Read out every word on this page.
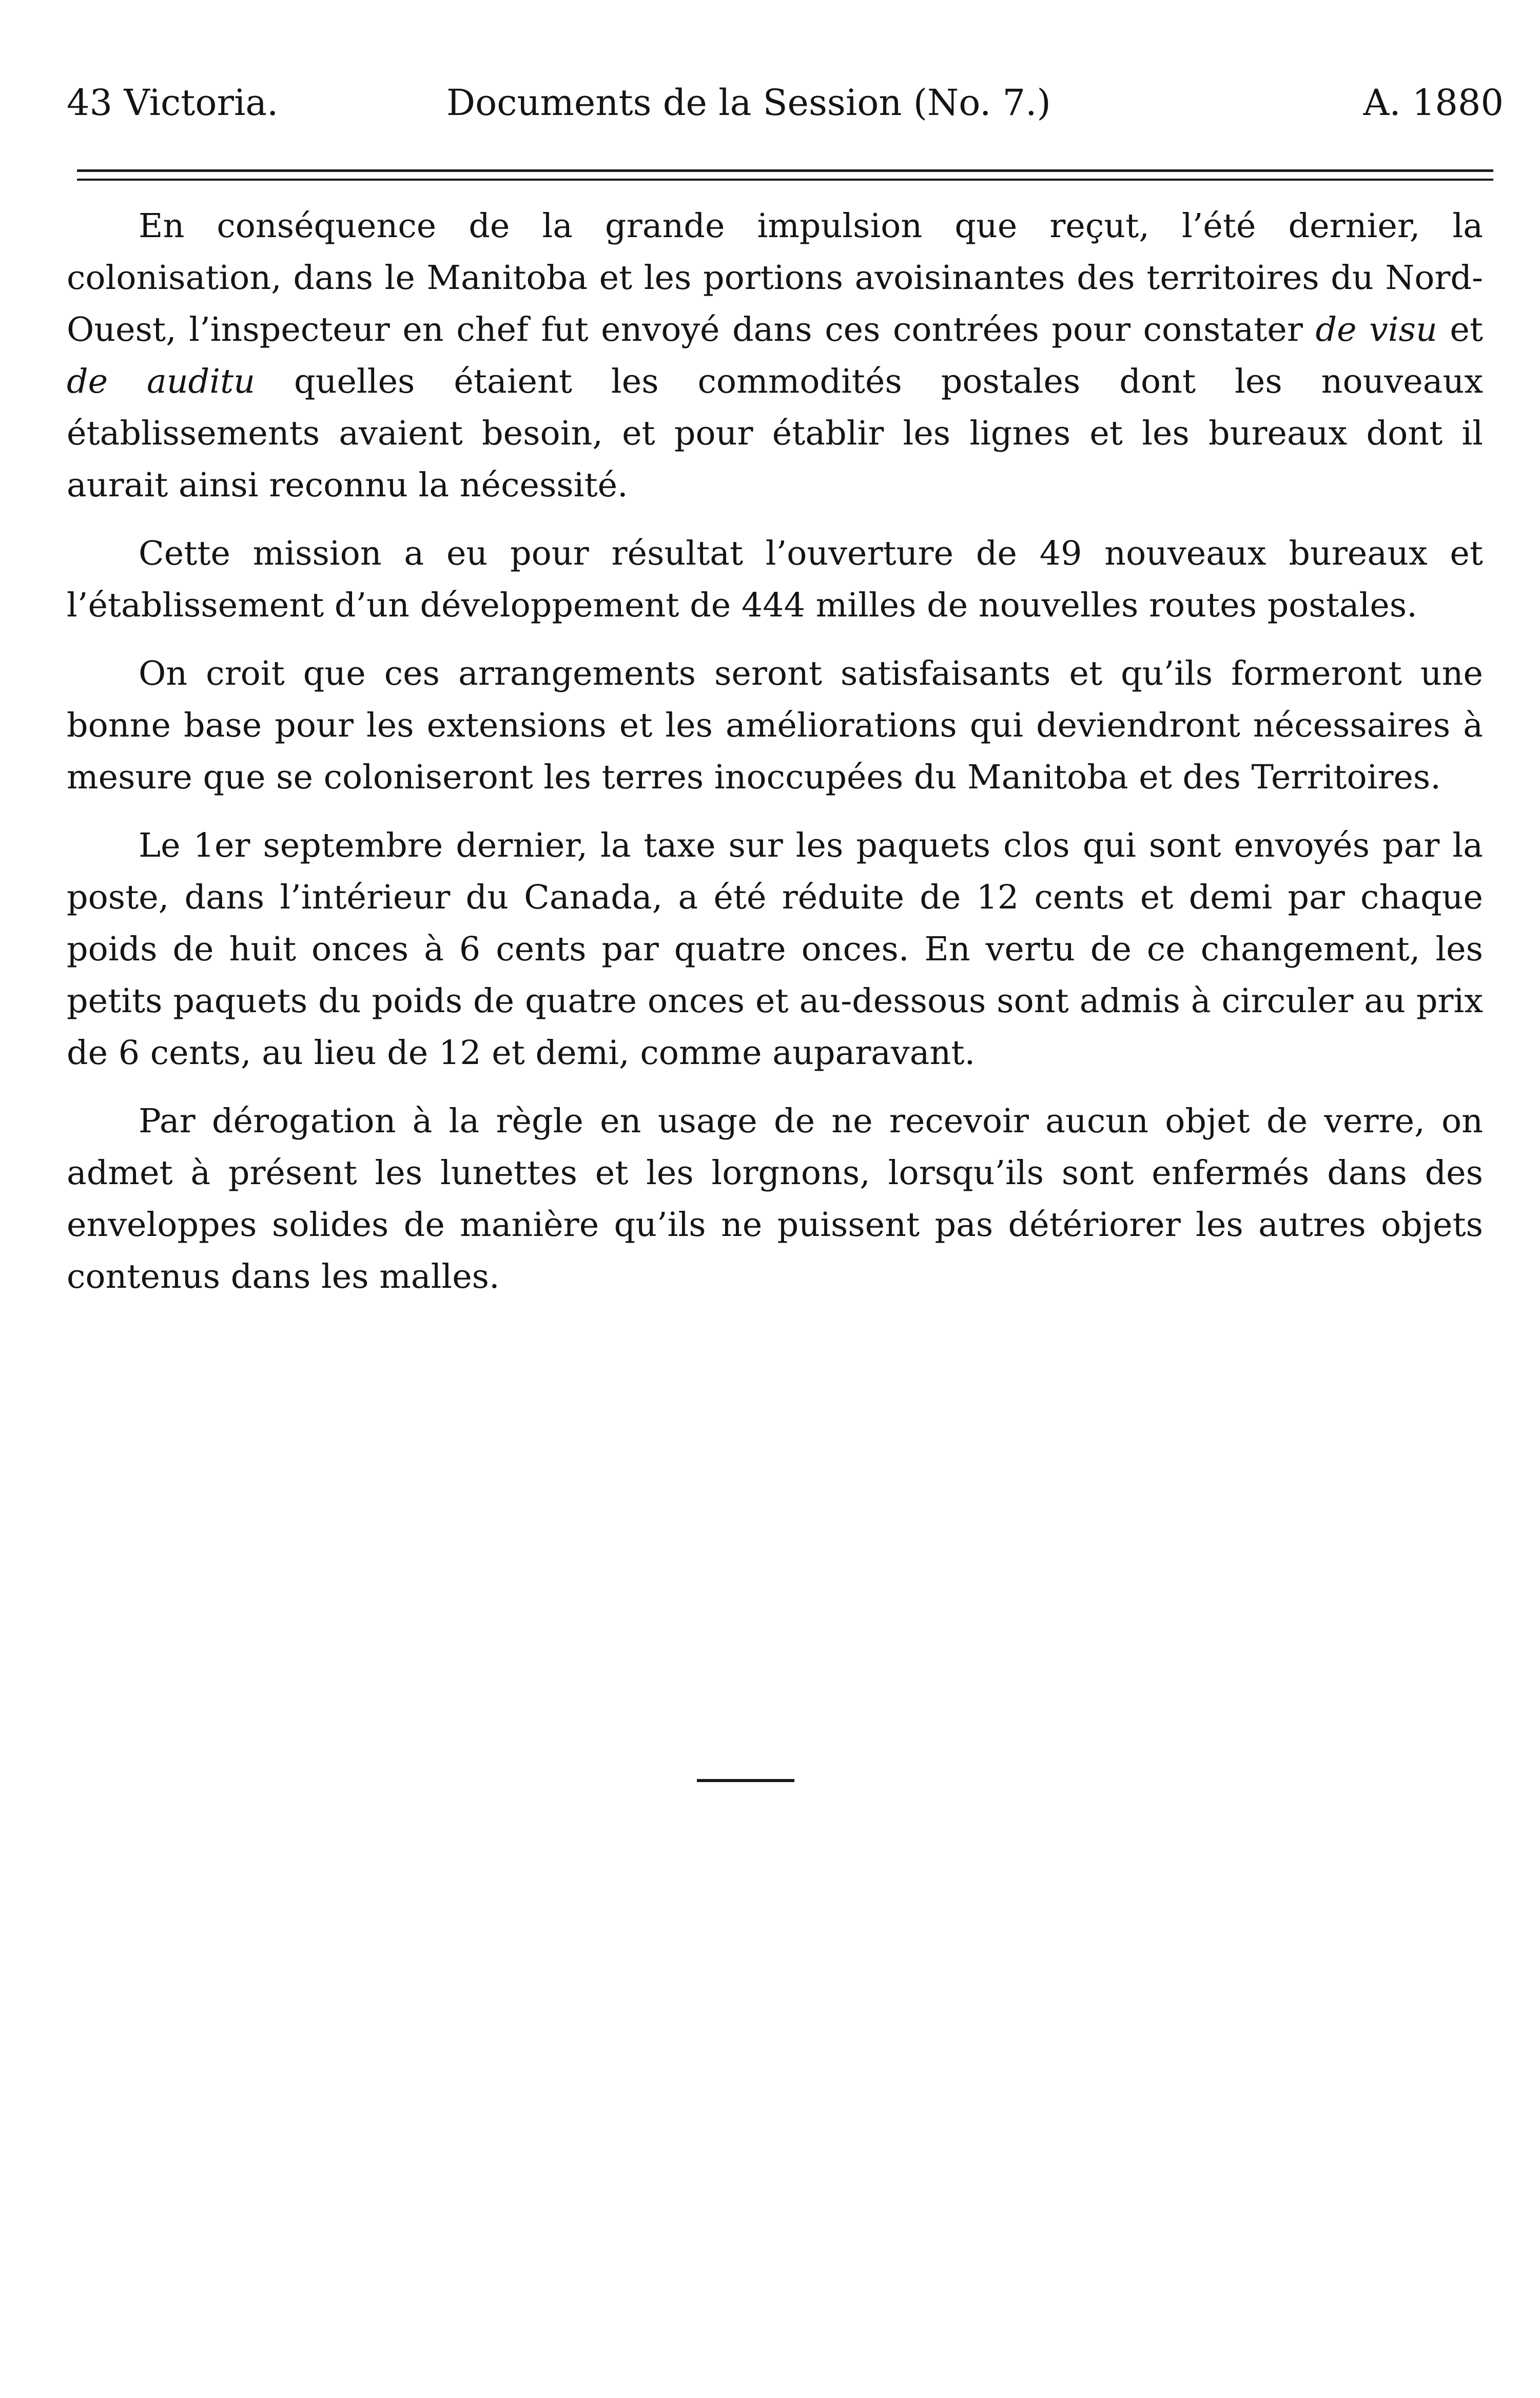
43 Victoria.	Documents de la Session (No. 7.)	A. 1880

En conséquence de la grande impulsion que reçut, l’été dernier, la colonisation, dans le Manitoba et les portions avoisinantes des territoires du Nord-Ouest, l’inspecteur en chef fut envoyé dans ces contrées pour constater de visu et de auditu quelles étaient les commodités postales dont les nouveaux établissements avaient besoin, et pour établir les lignes et les bureaux dont il aurait ainsi reconnu la nécessité.

Cette mission a eu pour résultat l’ouverture de 49 nouveaux bureaux et l’établissement d’un développement de 444 milles de nouvelles routes postales.

On croit que ces arrangements seront satisfaisants et qu’ils formeront une bonne base pour les extensions et les améliorations qui deviendront nécessaires à mesure que se coloniseront les terres inoccupées du Manitoba et des Territoires.

Le 1er septembre dernier, la taxe sur les paquets clos qui sont envoyés par la poste, dans l’intérieur du Canada, a été réduite de 12 cents et demi par chaque poids de huit onces à 6 cents par quatre onces. En vertu de ce changement, les petits paquets du poids de quatre onces et au-dessous sont admis à circuler au prix de 6 cents, au lieu de 12 et demi, comme auparavant.

Par dérogation à la règle en usage de ne recevoir aucun objet de verre, on admet à présent les lunettes et les lorgnons, lorsqu’ils sont enfermés dans des enveloppes solides de manière qu’ils ne puissent pas détériorer les autres objets contenus dans les malles.
